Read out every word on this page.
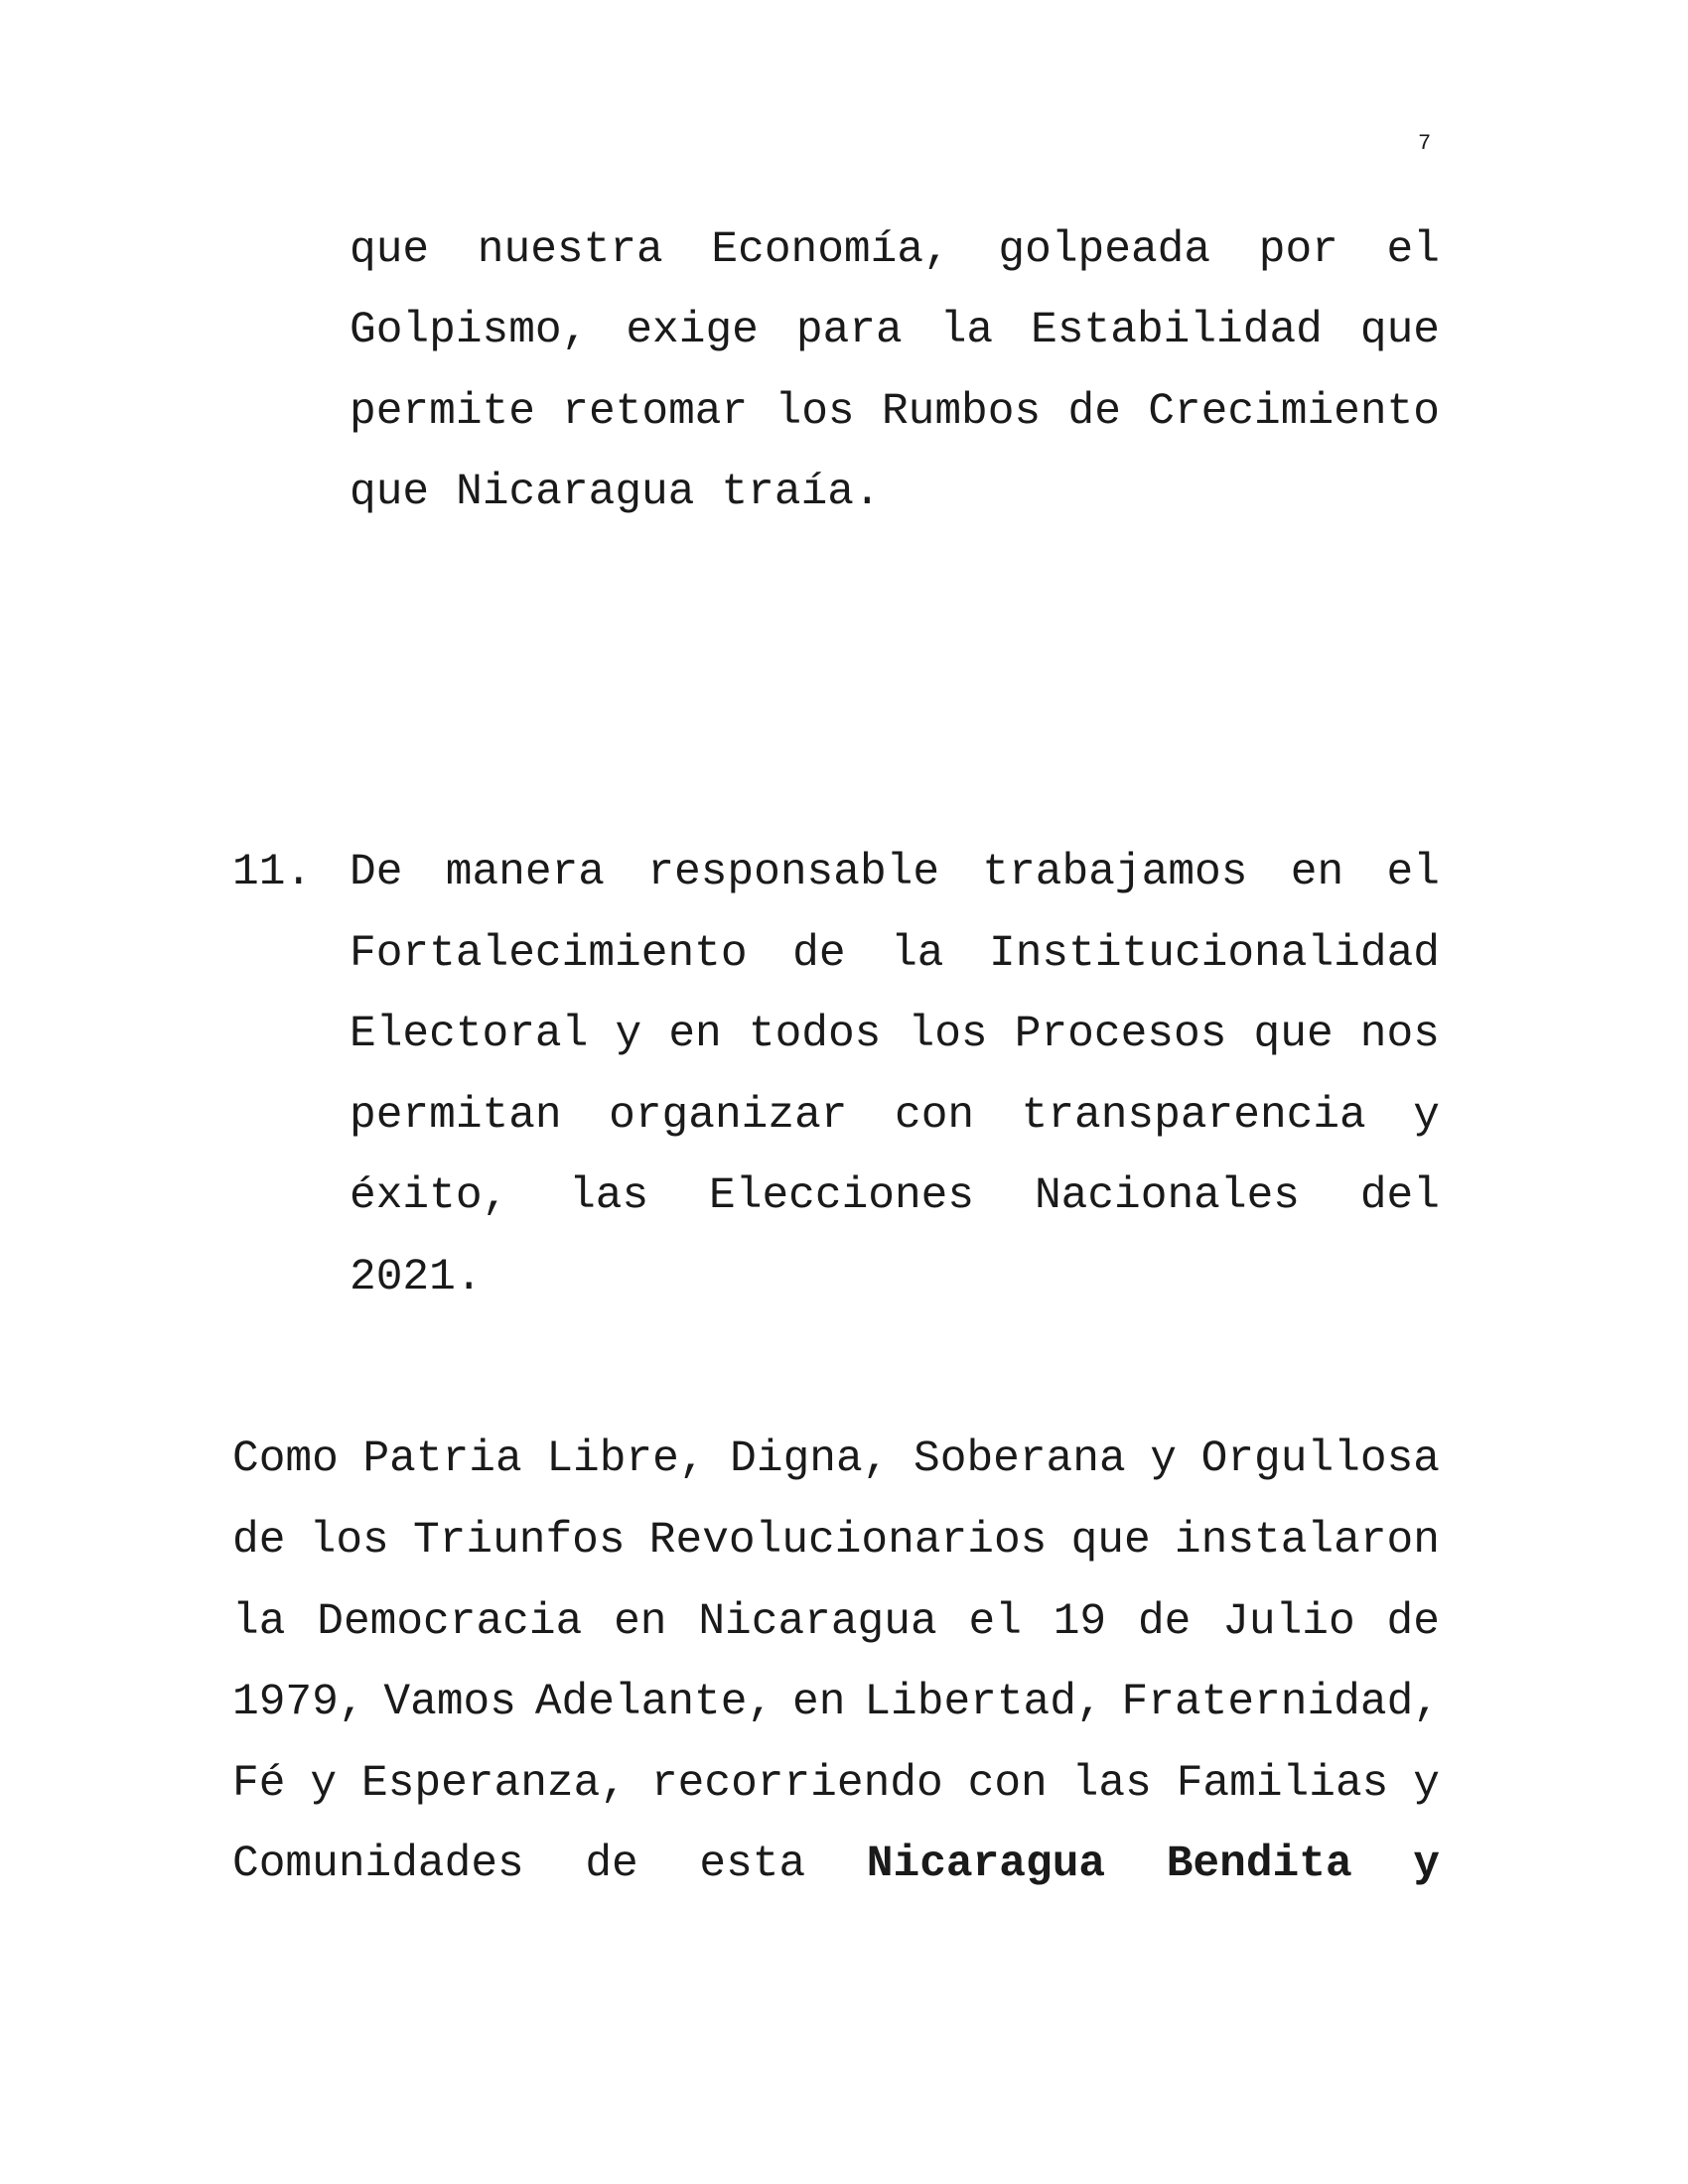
7
que nuestra Economía, golpeada por el
Golpismo, exige para la Estabilidad que
permite retomar los Rumbos de Crecimiento
que Nicaragua traía.
11. De manera responsable trabajamos en el
Fortalecimiento de la Institucionalidad
Electoral y en todos los Procesos que nos
permitan organizar con transparencia y
éxito, las Elecciones Nacionales del
2021.
Como Patria Libre, Digna, Soberana y Orgullosa
de los Triunfos Revolucionarios que instalaron
la Democracia en Nicaragua el 19 de Julio de
1979, Vamos Adelante, en Libertad, Fraternidad,
Fé y Esperanza, recorriendo con las Familias y
Comunidades de esta Nicaragua Bendita y
